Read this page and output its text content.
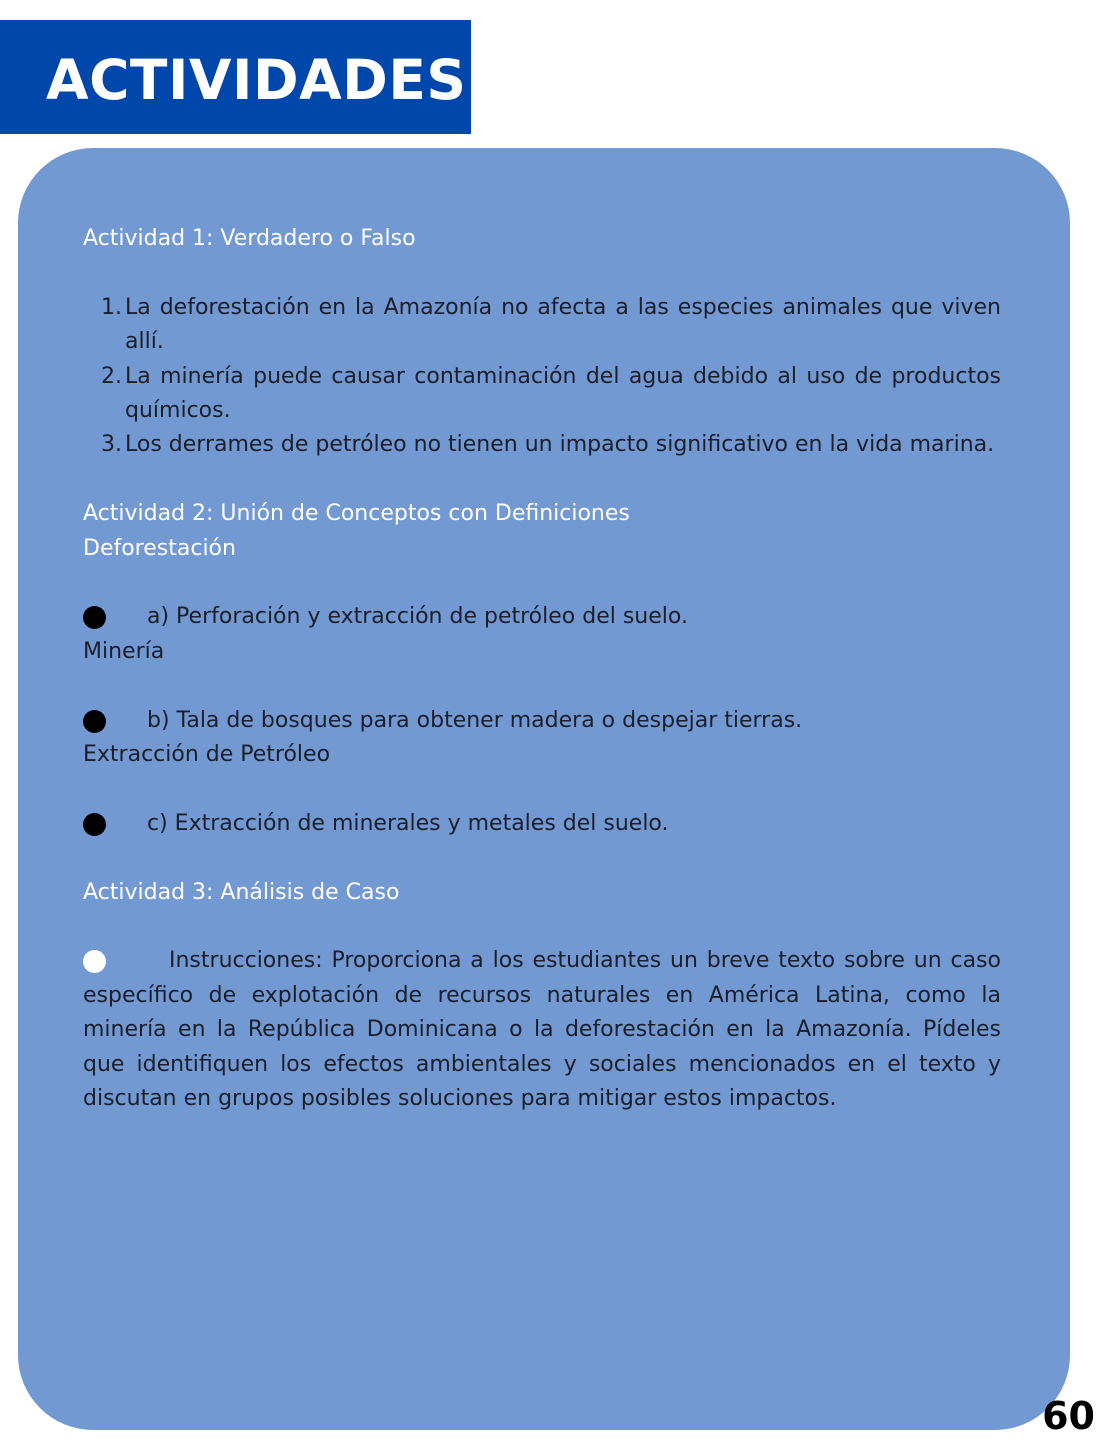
ACTIVIDADES

Actividad 1: Verdadero o Falso

1. La deforestación en la Amazonía no afecta a las especies animales que viven allí.
2. La minería puede causar contaminación del agua debido al uso de productos químicos.
3. Los derrames de petróleo no tienen un impacto significativo en la vida marina.

Actividad 2: Unión de Conceptos con Definiciones

Deforestación

a) Perforación y extracción de petróleo del suelo.

Minería

b) Tala de bosques para obtener madera o despejar tierras.

Extracción de Petróleo

c) Extracción de minerales y metales del suelo.

Actividad 3: Análisis de Caso

Instrucciones: Proporciona a los estudiantes un breve texto sobre un caso específico de explotación de recursos naturales en América Latina, como la minería en la República Dominicana o la deforestación en la Amazonía. Pídeles que identifiquen los efectos ambientales y sociales mencionados en el texto y discutan en grupos posibles soluciones para mitigar estos impactos.

60
